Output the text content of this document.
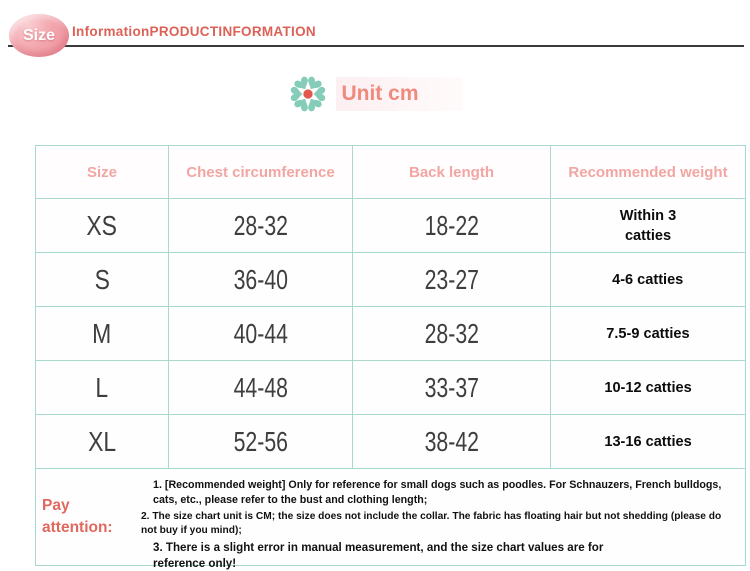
Size InformationPRODUCTINFORMATION
Unit cm
Size	Chest circumference	Back length	Recommended weight
XS	28-32	18-22	Within 3 catties
S	36-40	23-27	4-6 catties
M	40-44	28-32	7.5-9 catties
L	44-48	33-37	10-12 catties
XL	52-56	38-42	13-16 catties

Pay attention:

1. [Recommended weight] Only for reference for small dogs such as poodles. For Schnauzers, French bulldogs, cats, etc., please refer to the bust and clothing length;

2. The size chart unit is CM; the size does not include the collar. The fabric has floating hair but not shedding (please do not buy if you mind);

3. There is a slight error in manual measurement, and the size chart values are for reference only!			
